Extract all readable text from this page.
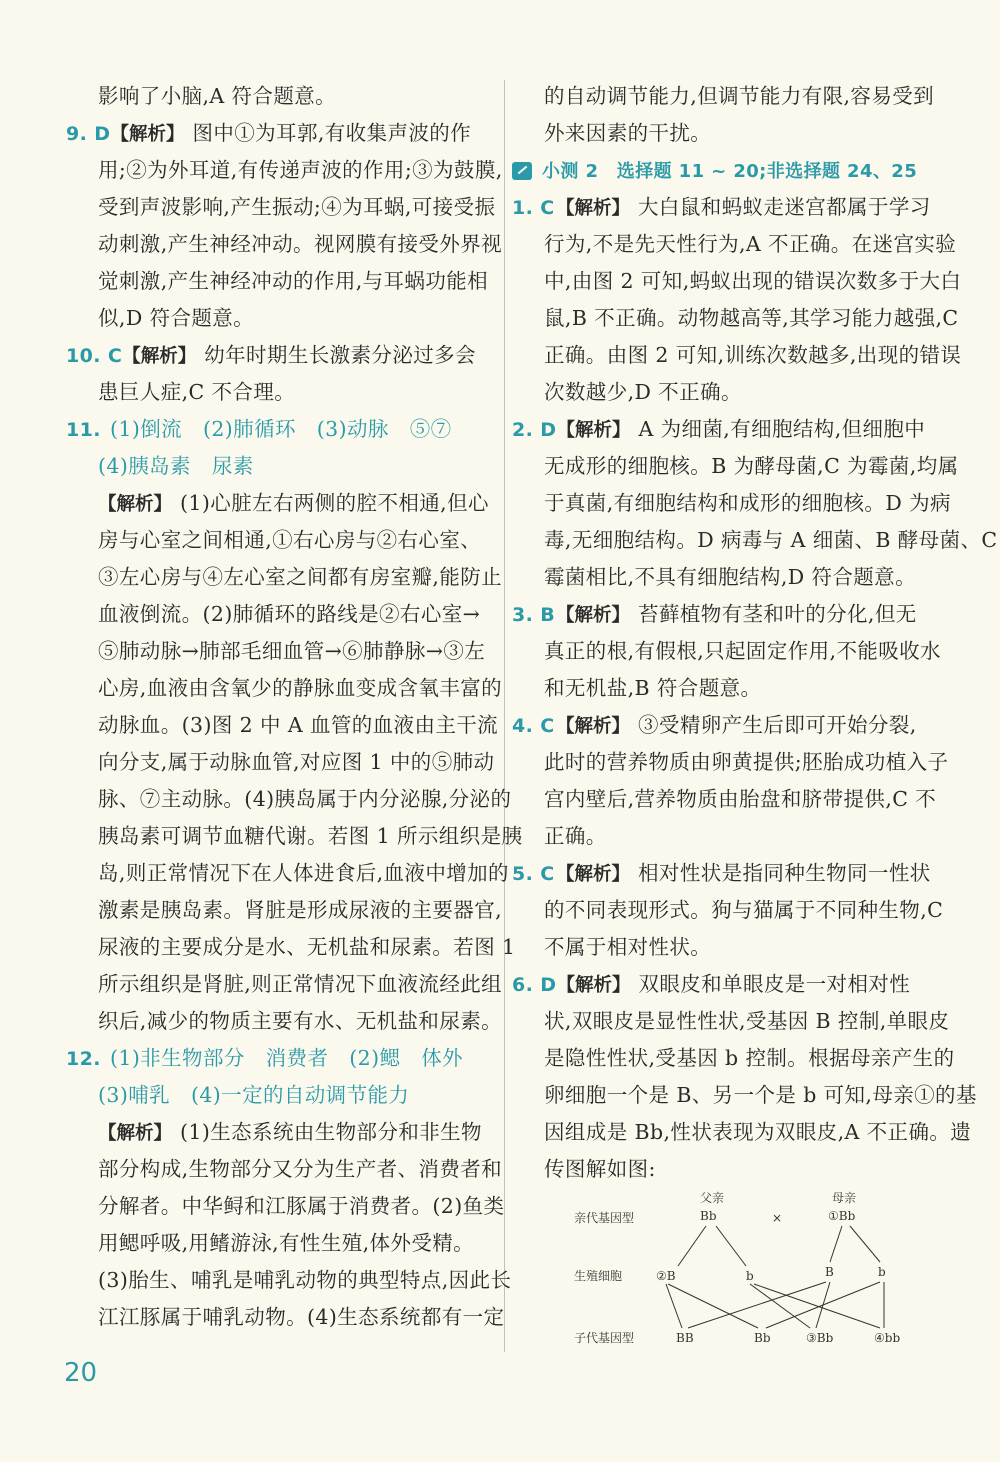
影响了小脑,A 符合题意。
9. D【解析】 图中①为耳郭,有收集声波的作
用;②为外耳道,有传递声波的作用;③为鼓膜,
受到声波影响,产生振动;④为耳蜗,可接受振
动刺激,产生神经冲动。视网膜有接受外界视
觉刺激,产生神经冲动的作用,与耳蜗功能相
似,D 符合题意。
10. C【解析】 幼年时期生长激素分泌过多会
患巨人症,C 不合理。
11. (1)倒流　(2)肺循环　(3)动脉　⑤⑦
(4)胰岛素　尿素
【解析】 (1)心脏左右两侧的腔不相通,但心
房与心室之间相通,①右心房与②右心室、
③左心房与④左心室之间都有房室瓣,能防止
血液倒流。(2)肺循环的路线是②右心室→
⑤肺动脉→肺部毛细血管→⑥肺静脉→③左
心房,血液由含氧少的静脉血变成含氧丰富的
动脉血。(3)图 2 中 A 血管的血液由主干流
向分支,属于动脉血管,对应图 1 中的⑤肺动
脉、⑦主动脉。(4)胰岛属于内分泌腺,分泌的
胰岛素可调节血糖代谢。若图 1 所示组织是胰
岛,则正常情况下在人体进食后,血液中增加的
激素是胰岛素。肾脏是形成尿液的主要器官,
尿液的主要成分是水、无机盐和尿素。若图 1
所示组织是肾脏,则正常情况下血液流经此组
织后,减少的物质主要有水、无机盐和尿素。
12. (1)非生物部分　消费者　(2)鳃　体外
(3)哺乳　(4)一定的自动调节能力
【解析】 (1)生态系统由生物部分和非生物
部分构成,生物部分又分为生产者、消费者和
分解者。中华鲟和江豚属于消费者。(2)鱼类
用鳃呼吸,用鳍游泳,有性生殖,体外受精。
(3)胎生、哺乳是哺乳动物的典型特点,因此长
江江豚属于哺乳动物。(4)生态系统都有一定
的自动调节能力,但调节能力有限,容易受到
外来因素的干扰。
小测 2　选择题 11 ~ 20;非选择题 24、25
1. C【解析】 大白鼠和蚂蚁走迷宫都属于学习
行为,不是先天性行为,A 不正确。在迷宫实验
中,由图 2 可知,蚂蚁出现的错误次数多于大白
鼠,B 不正确。动物越高等,其学习能力越强,C
正确。由图 2 可知,训练次数越多,出现的错误
次数越少,D 不正确。
2. D【解析】 A 为细菌,有细胞结构,但细胞中
无成形的细胞核。B 为酵母菌,C 为霉菌,均属
于真菌,有细胞结构和成形的细胞核。D 为病
毒,无细胞结构。D 病毒与 A 细菌、B 酵母菌、C
霉菌相比,不具有细胞结构,D 符合题意。
3. B【解析】 苔藓植物有茎和叶的分化,但无
真正的根,有假根,只起固定作用,不能吸收水
和无机盐,B 符合题意。
4. C【解析】 ③受精卵产生后即可开始分裂,
此时的营养物质由卵黄提供;胚胎成功植入子
宫内壁后,营养物质由胎盘和脐带提供,C 不
正确。
5. C【解析】 相对性状是指同种生物同一性状
的不同表现形式。狗与猫属于不同种生物,C
不属于相对性状。
6. D【解析】 双眼皮和单眼皮是一对相对性
状,双眼皮是显性性状,受基因 B 控制,单眼皮
是隐性性状,受基因 b 控制。根据母亲产生的
卵细胞一个是 B、另一个是 b 可知,母亲①的基
因组成是 Bb,性状表现为双眼皮,A 不正确。遗
传图解如图:
亲代基因型
父亲
Bb	×
母亲
①Bb
生殖细胞	②B	b	B	b
子代基因型	BB	Bb	③Bb	④bb
20
